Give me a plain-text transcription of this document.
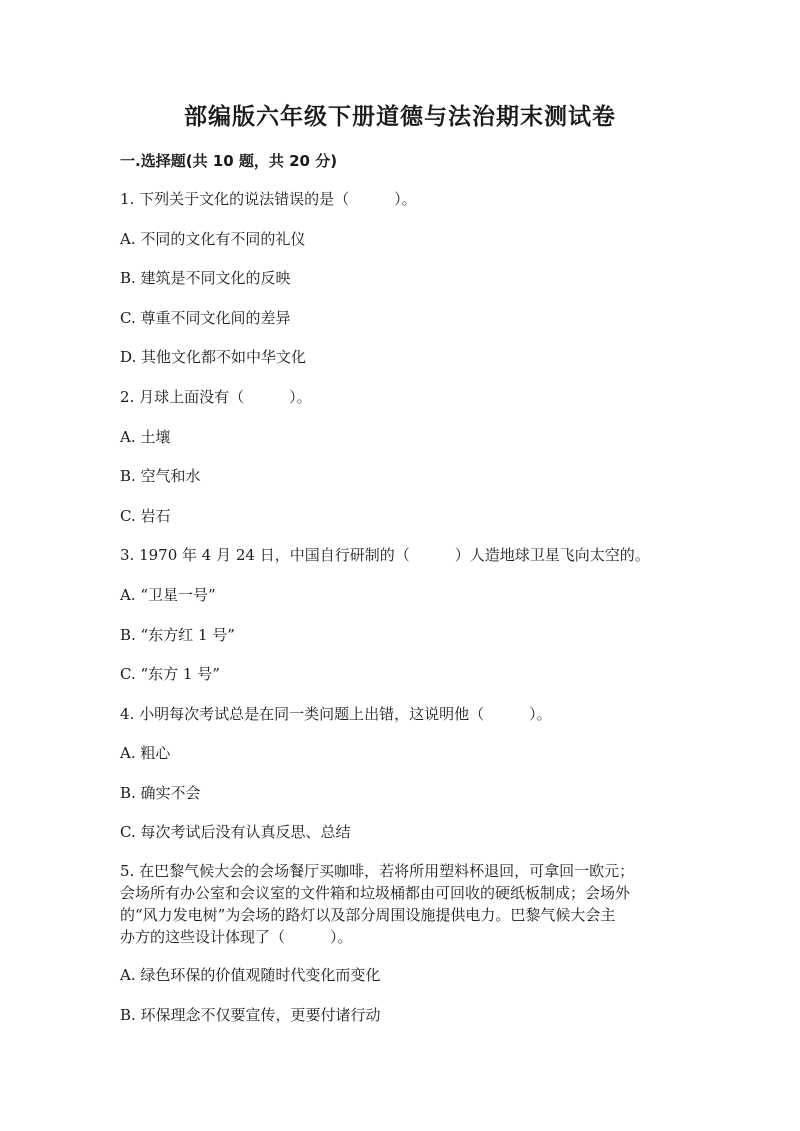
部编版六年级下册道德与法治期末测试卷
一.选择题(共 10 题，共 20 分)
1. 下列关于文化的说法错误的是（　　　）。
A. 不同的文化有不同的礼仪
B. 建筑是不同文化的反映
C. 尊重不同文化间的差异
D. 其他文化都不如中华文化
2. 月球上面没有（　　　）。
A. 土壤
B. 空气和水
C. 岩石
3. 1970 年 4 月 24 日，中国自行研制的（　　　）人造地球卫星飞向太空的。
A. “卫星一号”
B. “东方红 1 号”
C. “东方 1 号”
4. 小明每次考试总是在同一类问题上出错，这说明他（　　　）。
A. 粗心
B. 确实不会
C. 每次考试后没有认真反思、总结
5. 在巴黎气候大会的会场餐厅买咖啡，若将所用塑料杯退回，可拿回一欧元；
会场所有办公室和会议室的文件箱和垃圾桶都由可回收的硬纸板制成；会场外
的“风力发电树”为会场的路灯以及部分周围设施提供电力。巴黎气候大会主
办方的这些设计体现了（　　　）。
A. 绿色环保的价值观随时代变化而变化
B. 环保理念不仅要宣传，更要付诸行动
